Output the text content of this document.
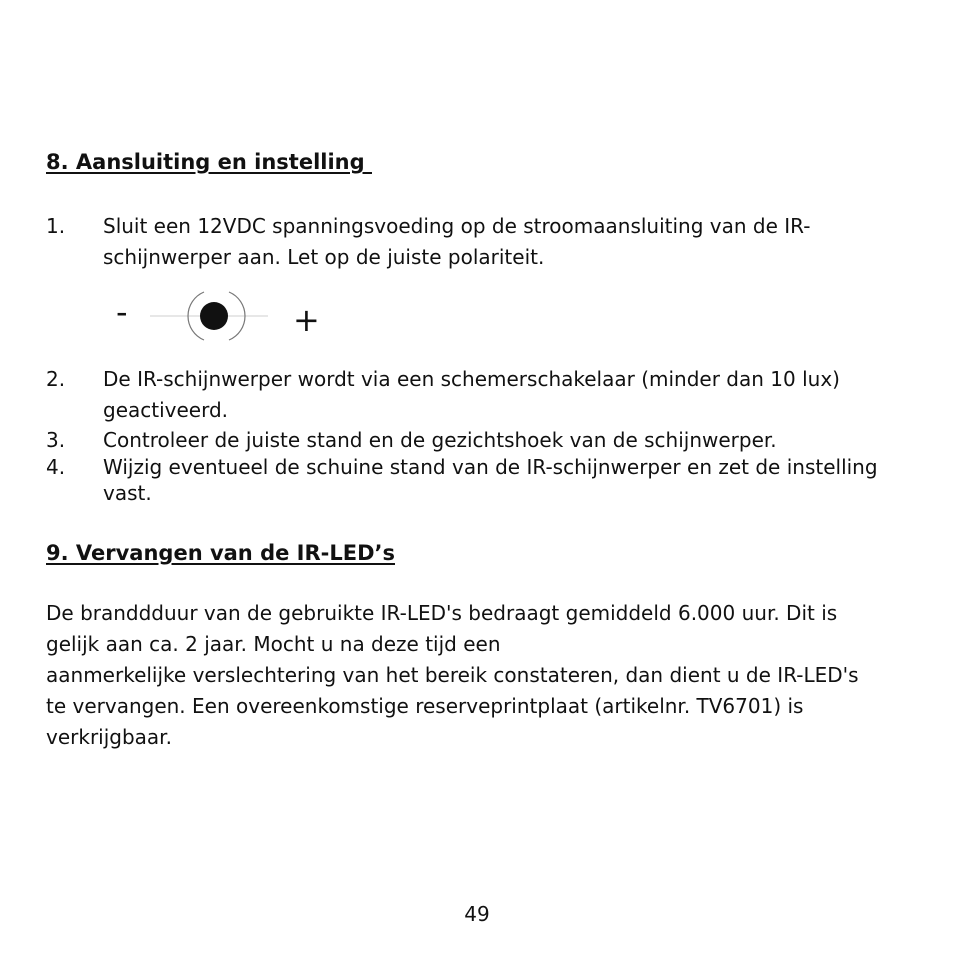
8. Aansluiting en instelling
1. Sluit een 12VDC spanningsvoeding op de stroomaansluiting van de IR-schijnwerper aan. Let op de juiste polariteit.
-	+
2. De IR-schijnwerper wordt via een schemerschakelaar (minder dan 10 lux) geactiveerd.
3. Controleer de juiste stand en de gezichtshoek van de schijnwerper.
4. Wijzig eventueel de schuine stand van de IR-schijnwerper en zet de instelling vast.
9. Vervangen van de IR-LED’s
De branddduur van de gebruikte IR-LED's bedraagt gemiddeld 6.000 uur. Dit is
gelijk aan ca. 2 jaar. Mocht u na deze tijd een
aanmerkelijke verslechtering van het bereik constateren, dan dient u de IR-LED's
te vervangen. Een overeenkomstige reserveprintplaat (artikelnr. TV6701) is
verkrijgbaar.
49
